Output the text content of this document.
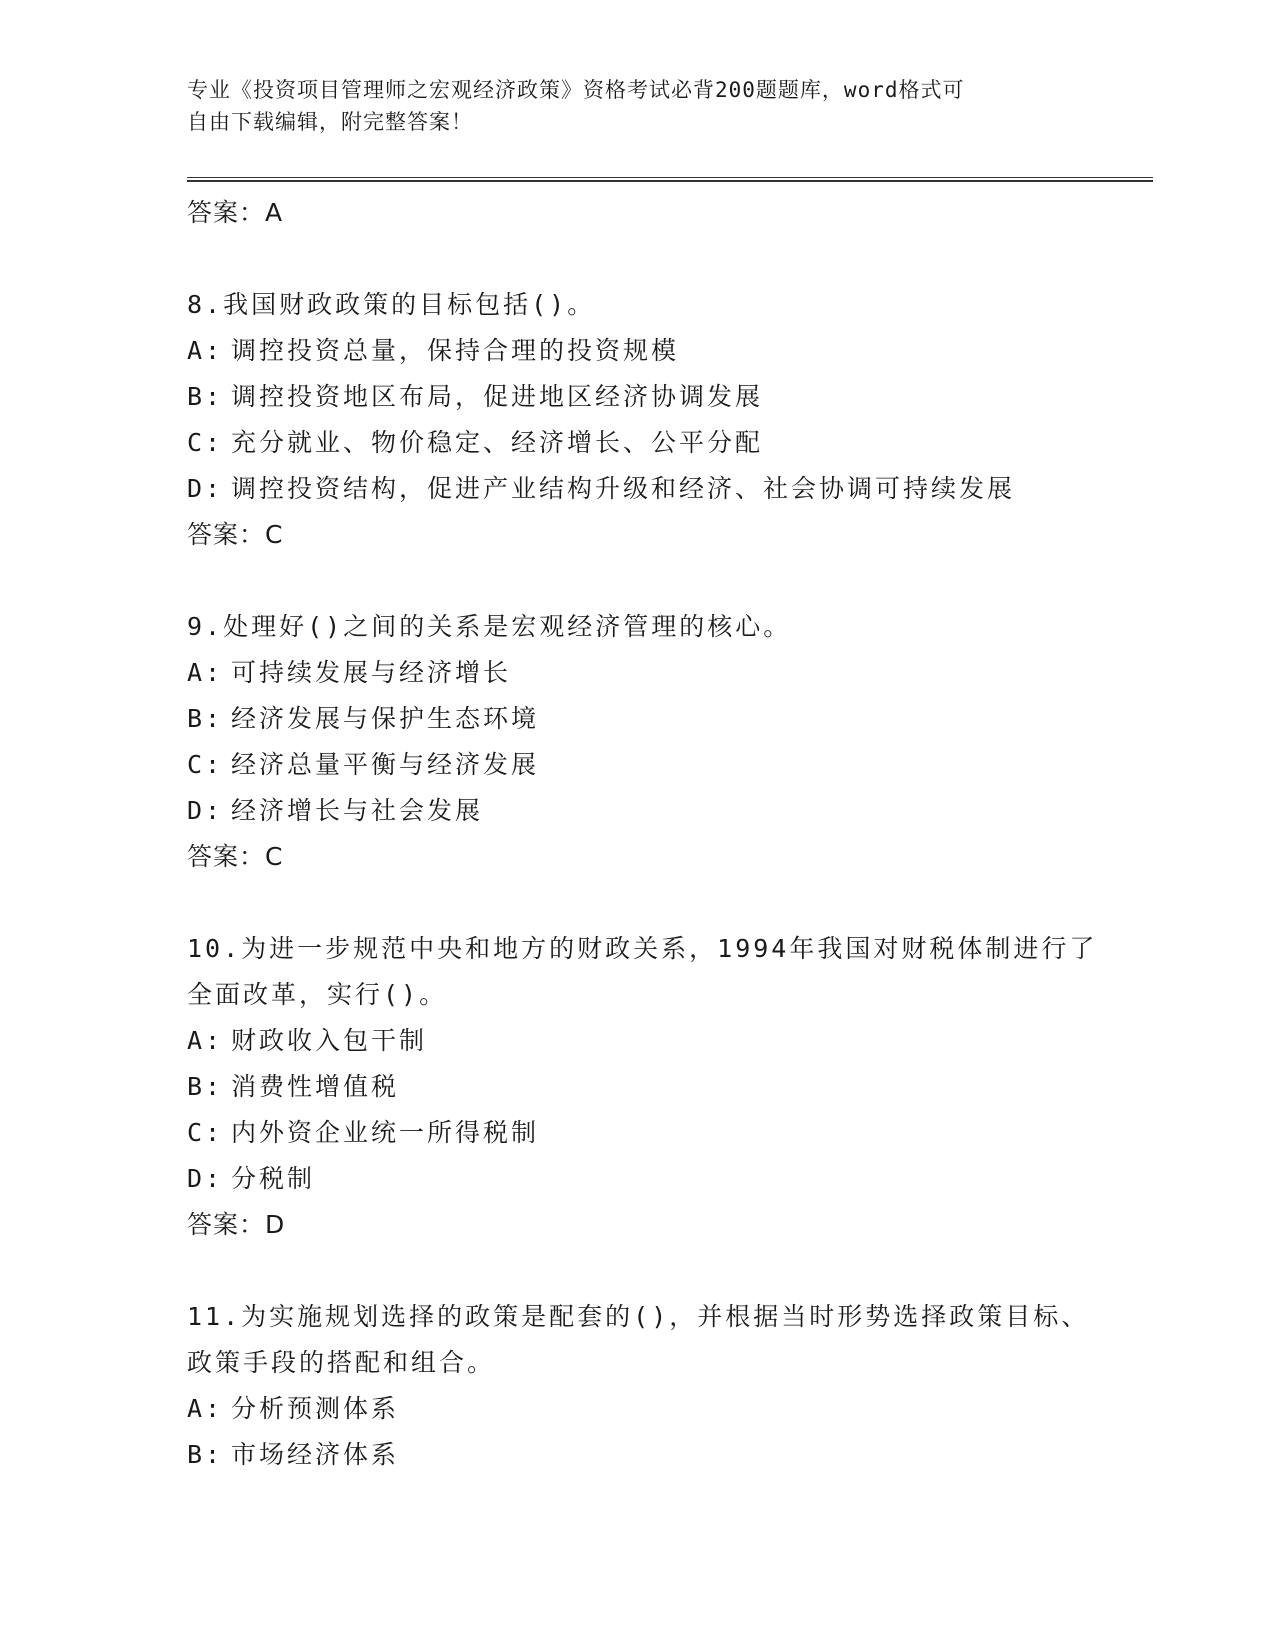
专业《投资项目管理师之宏观经济政策》资格考试必背200题题库，word格式可
自由下载编辑，附完整答案！
答案：A
8.我国财政政策的目标包括()。
A: 调控投资总量，保持合理的投资规模
B: 调控投资地区布局，促进地区经济协调发展
C: 充分就业、物价稳定、经济增长、公平分配
D: 调控投资结构，促进产业结构升级和经济、社会协调可持续发展
答案：C
9.处理好()之间的关系是宏观经济管理的核心。
A: 可持续发展与经济增长
B: 经济发展与保护生态环境
C: 经济总量平衡与经济发展
D: 经济增长与社会发展
答案：C
10.为进一步规范中央和地方的财政关系，1994年我国对财税体制进行了全面改革，实行()。
A: 财政收入包干制
B: 消费性增值税
C: 内外资企业统一所得税制
D: 分税制
答案：D
11.为实施规划选择的政策是配套的()，并根据当时形势选择政策目标、政策手段的搭配和组合。
A: 分析预测体系
B: 市场经济体系
